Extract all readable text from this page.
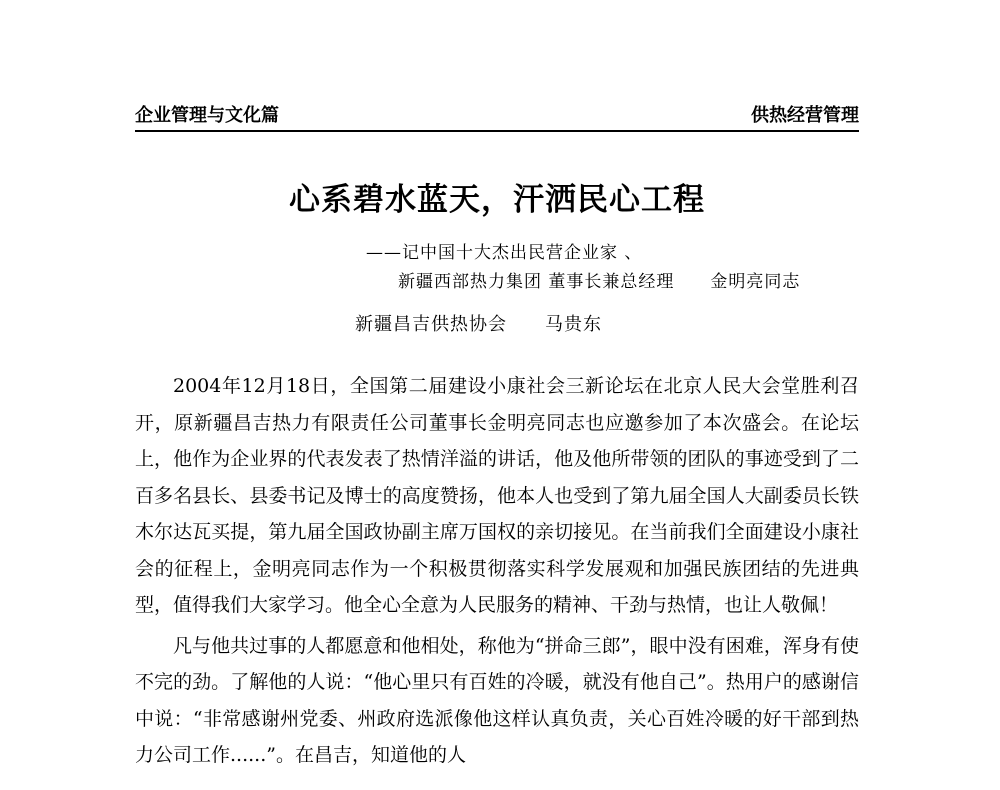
企业管理与文化篇	供热经营管理
心系碧水蓝天，汗洒民心工程
——记中国十大杰出民营企业家 、
新疆西部热力集团 董事长兼总经理　　金明亮同志
新疆昌吉供热协会　　马贵东

2004年12月18日，全国第二届建设小康社会三新论坛在北京人民大会堂胜利召开，原新疆昌吉热力有限责任公司董事长金明亮同志也应邀参加了本次盛会。在论坛上，他作为企业界的代表发表了热情洋溢的讲话，他及他所带领的团队的事迹受到了二百多名县长、县委书记及博士的高度赞扬，他本人也受到了第九届全国人大副委员长铁木尔达瓦买提，第九届全国政协副主席万国权的亲切接见。在当前我们全面建设小康社会的征程上，金明亮同志作为一个积极贯彻落实科学发展观和加强民族团结的先进典型，值得我们大家学习。他全心全意为人民服务的精神、干劲与热情，也让人敬佩！

凡与他共过事的人都愿意和他相处，称他为“拼命三郎”，眼中没有困难，浑身有使不完的劲。了解他的人说：“他心里只有百姓的冷暖，就没有他自己”。热用户的感谢信中说：“非常感谢州党委、州政府选派像他这样认真负责，关心百姓冷暖的好干部到热力公司工作......”。在昌吉，知道他的人
